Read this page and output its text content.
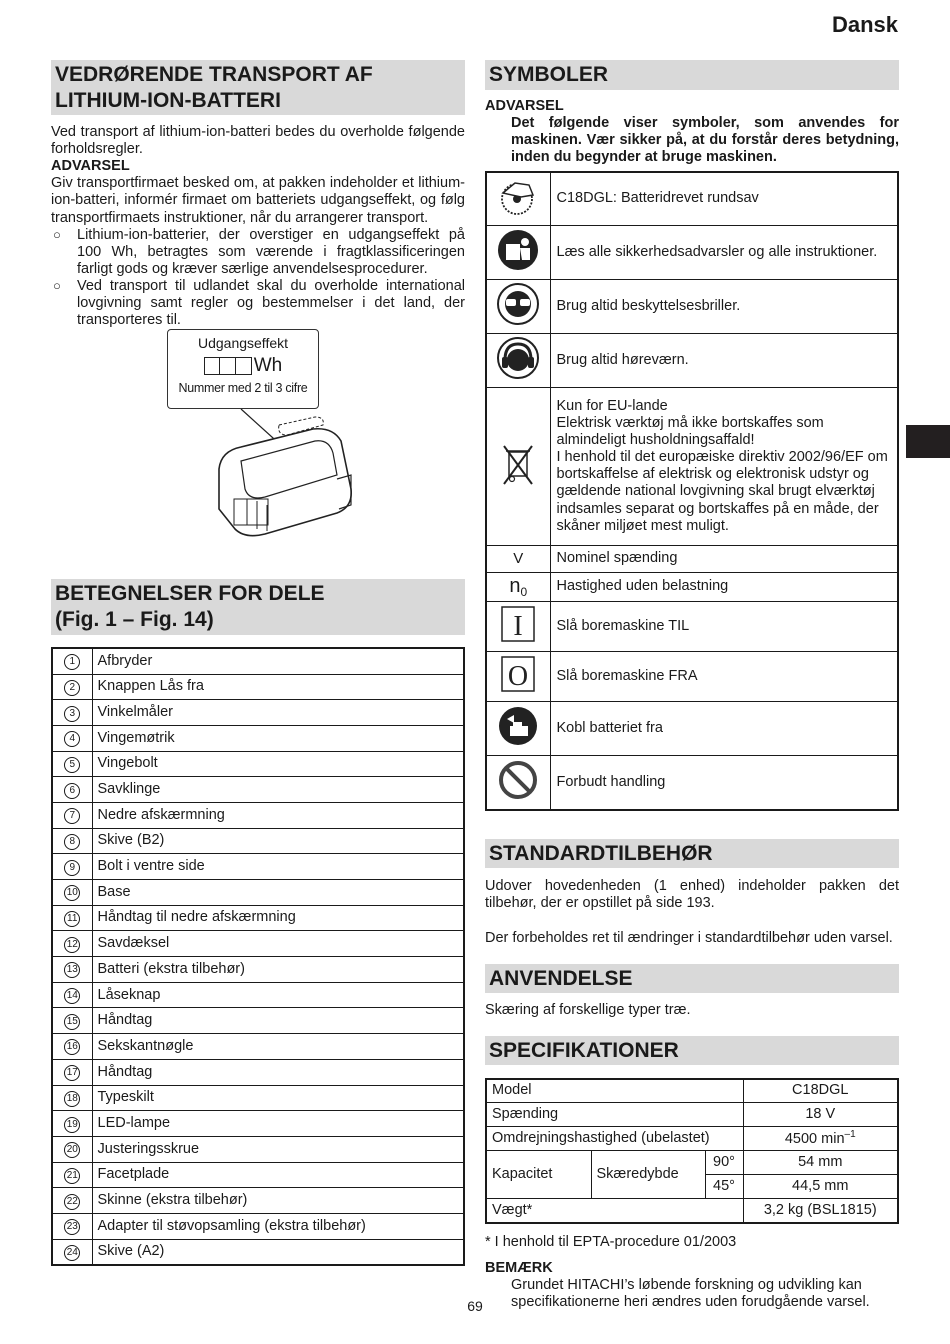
Dansk
VEDRØRENDE TRANSPORT AF LITHIUM-ION-BATTERI
Ved transport af lithium-ion-batteri bedes du overholde følgende forholdsregler.
ADVARSEL
Giv transportfirmaet besked om, at pakken indeholder et lithium-ion-batteri, informér firmaet om batteriets udgangseffekt, og følg transportfirmaets instruktioner, når du arrangerer transport.
○	Lithium-ion-batterier, der overstiger en udgangseffekt på 100 Wh, betragtes som værende i fragtklassificeringen farligt gods og kræver særlige anvendelsesprocedurer.
○	Ved transport til udlandet skal du overholde international lovgivning samt regler og bestemmelser i det land, der transporteres til.
Udgangseffekt
Wh
Nummer med 2 til 3 cifre
BETEGNELSER FOR DELE
(Fig. 1 – Fig. 14)
1	Afbryder
2	Knappen Lås fra
3	Vinkelmåler
4	Vingemøtrik
5	Vingebolt
6	Savklinge
7	Nedre afskærmning
8	Skive (B2)
9	Bolt i ventre side
10	Base
11	Håndtag til nedre afskærmning
12	Savdæksel
13	Batteri (ekstra tilbehør)
14	Låseknap
15	Håndtag
16	Sekskantnøgle
17	Håndtag
18	Typeskilt
19	LED-lampe
20	Justeringsskrue
21	Facetplade
22	Skinne (ekstra tilbehør)
23	Adapter til støvopsamling (ekstra tilbehør)
24	Skive (A2)
SYMBOLER
ADVARSEL
Det følgende viser symboler, som anvendes for maskinen. Vær sikker på, at du forstår deres betydning, inden du begynder at bruge maskinen.
	C18DGL: Batteridrevet rundsav
	Læs alle sikkerhedsadvarsler og alle instruktioner.
	Brug altid beskyttelsesbriller.
	Brug altid høreværn.
	Kun for EU-lande
Elektrisk værktøj må ikke bortskaffes som almindeligt husholdningsaffald!
I henhold til det europæiske direktiv 2002/96/EF om bortskaffelse af elektrisk og elektronisk udstyr og gældende national lovgivning skal brugt elværktøj indsamles separat og bortskaffes på en måde, der skåner miljøet mest muligt.
V	Nominel spænding
$n_0$	Hastighed uden belastning

I	Slå boremaskine TIL

O	Slå boremaskine FRA
	Kobl batteriet fra
	Forbudt handling
STANDARDTILBEHØR
Udover hovedenheden (1 enhed) indeholder pakken det tilbehør, der er opstillet på side 193.
Der forbeholdes ret til ændringer i standardtilbehør uden varsel.
ANVENDELSE
Skæring af forskellige typer træ.
SPECIFIKATIONER
Model			C18DGL
Spænding			18 V
Omdrejningshastighed (ubelastet)			4500 $\min^{-1}$
Kapacitet	Skæredybde	90°	54 mm
		45°	44,5 mm
Vægt*			3,2 kg (BSL1815)
* I henhold til EPTA-procedure 01/2003
BEMÆRK
Grundet HITACHI’s løbende forskning og udvikling kan specifikationerne heri ændres uden forudgående varsel.
69
